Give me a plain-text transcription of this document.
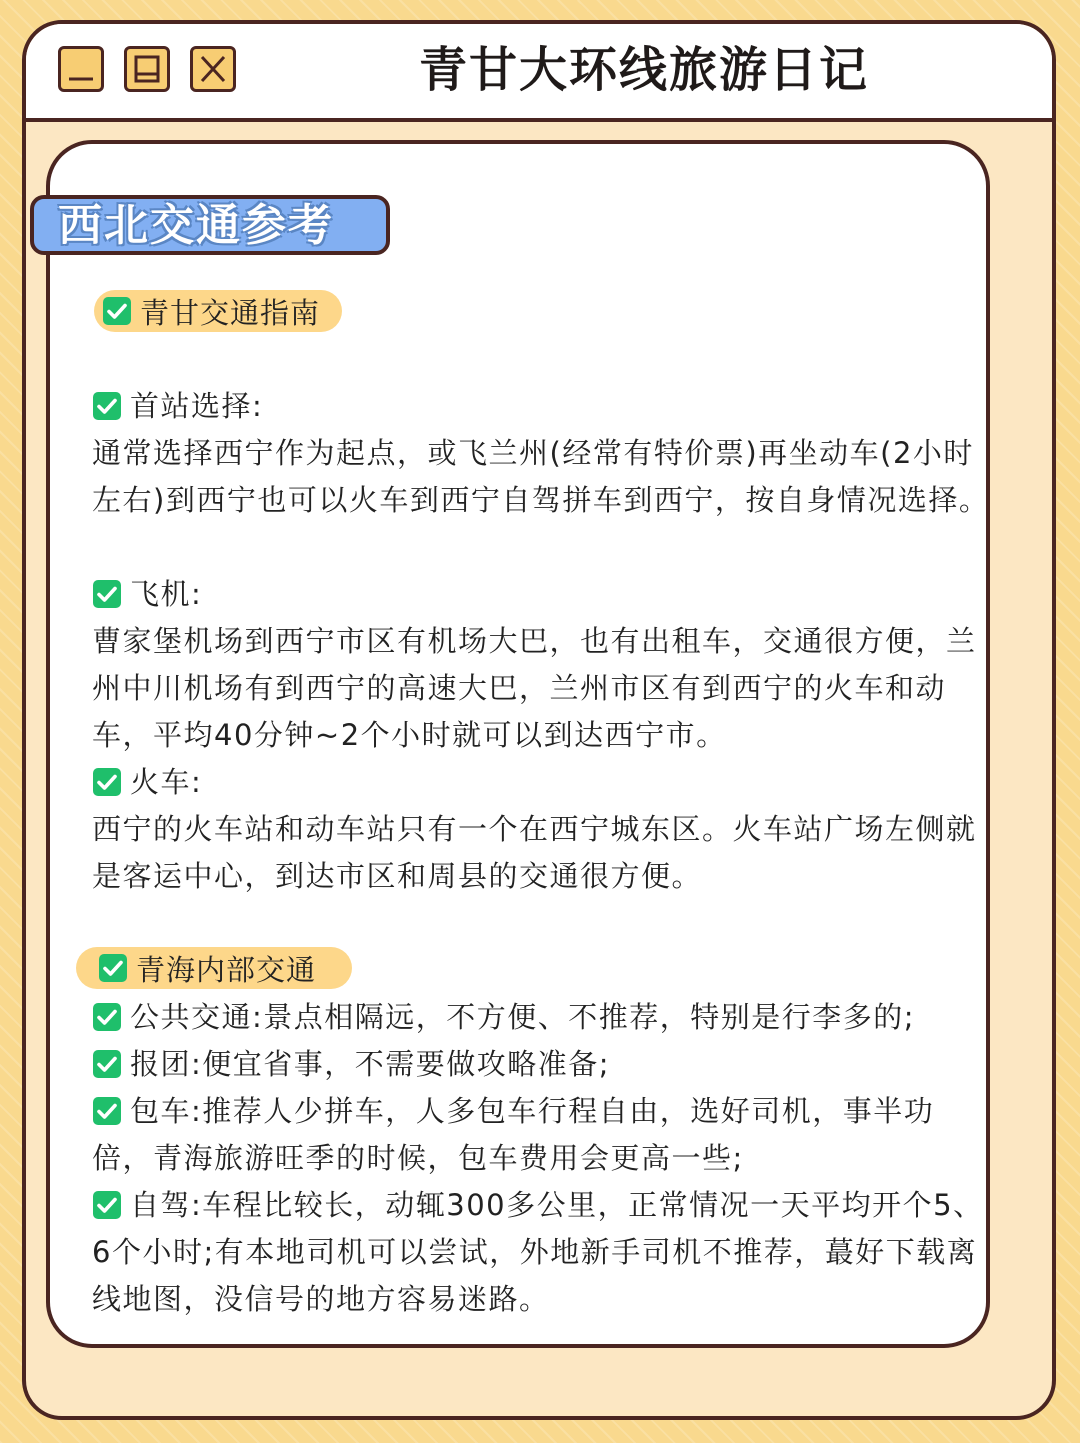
青甘大环线旅游日记
西北交通参考
青甘交通指南
首站选择:
通常选择西宁作为起点，或飞兰州(经常有特价票)再坐动车(2小时左右)到西宁也可以火车到西宁自驾拼车到西宁，按自身情况选择。
飞机:
曹家堡机场到西宁市区有机场大巴，也有出租车，交通很方便，兰州中川机场有到西宁的高速大巴，兰州市区有到西宁的火车和动车，平均40分钟~2个小时就可以到达西宁市。
火车:
西宁的火车站和动车站只有一个在西宁城东区。火车站广场左侧就是客运中心，到达市区和周县的交通很方便。
青海内部交通
公共交通:景点相隔远，不方便、不推荐，特别是行李多的;
报团:便宜省事，不需要做攻略准备;
包车:推荐人少拼车，人多包车行程自由，选好司机，事半功倍，青海旅游旺季的时候，包车费用会更高一些;
自驾:车程比较长，动辄300多公里，正常情况一天平均开个5、6个小时;有本地司机可以尝试，外地新手司机不推荐，蕞好下载离线地图，没信号的地方容易迷路。
